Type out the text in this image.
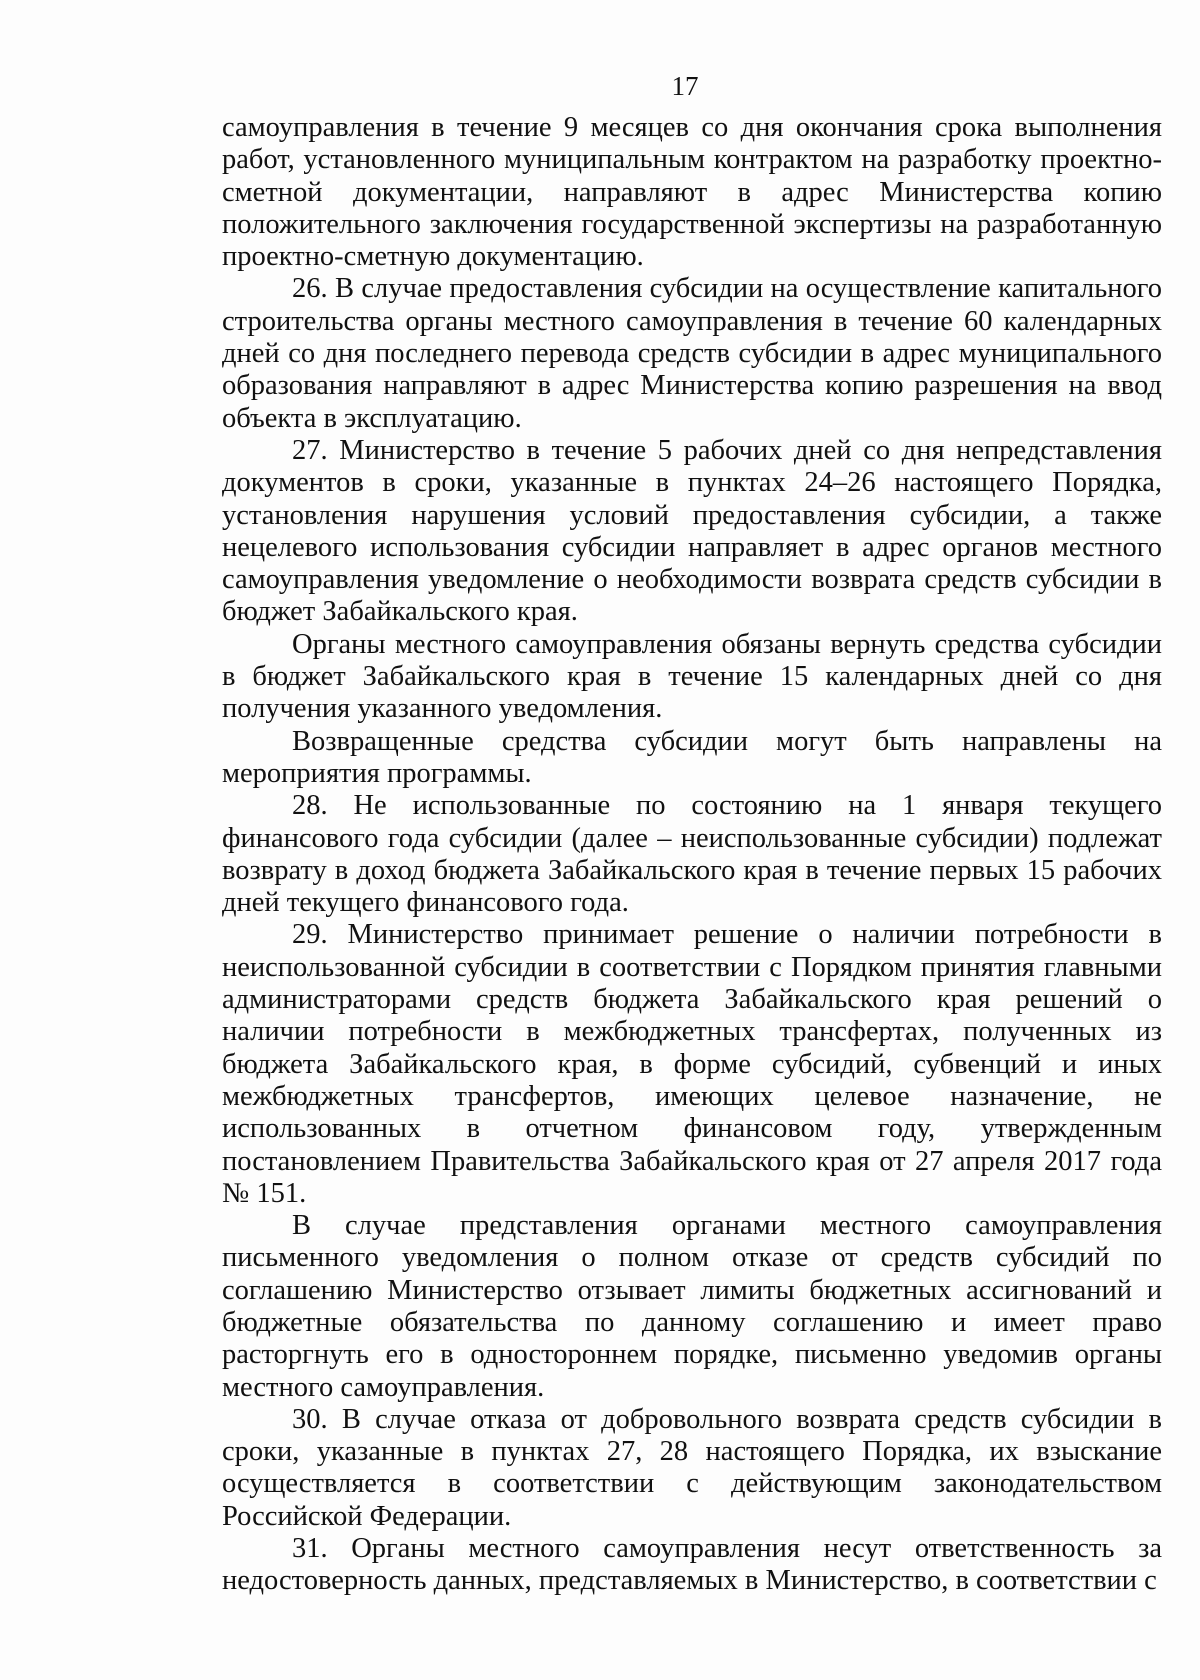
17

самоуправления в течение 9 месяцев со дня окончания срока выполнения работ, установленного муниципальным контрактом на разработку проектно-сметной документации, направляют в адрес Министерства копию положительного заключения государственной экспертизы на разработанную проектно-сметную документацию.

26. В случае предоставления субсидии на осуществление капитального строительства органы местного самоуправления в течение 60 календарных дней со дня последнего перевода средств субсидии в адрес муниципального образования направляют в адрес Министерства копию разрешения на ввод объекта в эксплуатацию.

27. Министерство в течение 5 рабочих дней со дня непредставления документов в сроки, указанные в пунктах 24–26 настоящего Порядка, установления нарушения условий предоставления субсидии, а также нецелевого использования субсидии направляет в адрес органов местного самоуправления уведомление о необходимости возврата средств субсидии в бюджет Забайкальского края.

Органы местного самоуправления обязаны вернуть средства субсидии в бюджет Забайкальского края в течение 15 календарных дней со дня получения указанного уведомления.

Возвращенные средства субсидии могут быть направлены на мероприятия программы.

28. Не использованные по состоянию на 1 января текущего финансового года субсидии (далее – неиспользованные субсидии) подлежат возврату в доход бюджета Забайкальского края в течение первых 15 рабочих дней текущего финансового года.

29. Министерство принимает решение о наличии потребности в неиспользованной субсидии в соответствии с Порядком принятия главными администраторами средств бюджета Забайкальского края решений о наличии потребности в межбюджетных трансфертах, полученных из бюджета Забайкальского края, в форме субсидий, субвенций и иных межбюджетных трансфертов, имеющих целевое назначение, не использованных в отчетном финансовом году, утвержденным постановлением Правительства Забайкальского края от 27 апреля 2017 года № 151.

В случае представления органами местного самоуправления письменного уведомления о полном отказе от средств субсидий по соглашению Министерство отзывает лимиты бюджетных ассигнований и бюджетные обязательства по данному соглашению и имеет право расторгнуть его в одностороннем порядке, письменно уведомив органы местного самоуправления.

30. В случае отказа от добровольного возврата средств субсидии в сроки, указанные в пунктах 27, 28 настоящего Порядка, их взыскание осуществляется в соответствии с действующим законодательством Российской Федерации.

31. Органы местного самоуправления несут ответственность за недостоверность данных, представляемых в Министерство, в соответствии с
